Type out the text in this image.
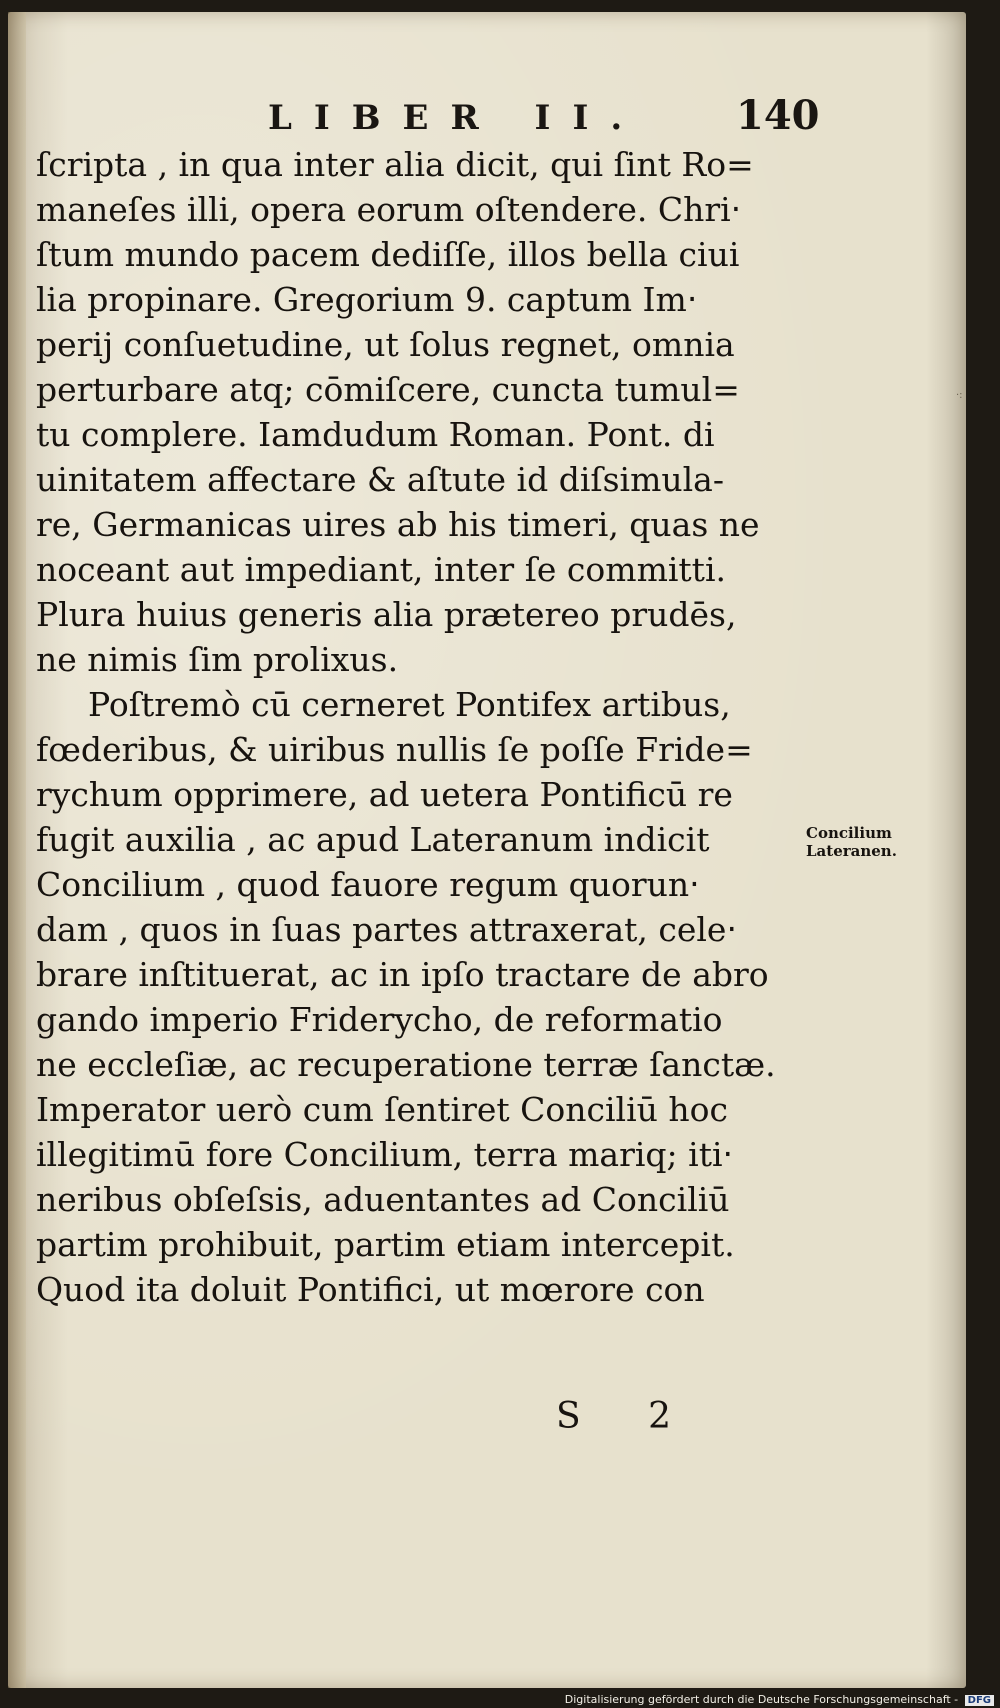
LIBER II. 140
ſcripta , in qua inter alia dicit, qui ſint Ro=
maneſes illi, opera eorum oſtendere. Chri‧
ſtum mundo pacem dediſſe, illos bella ciui
lia propinare. Gregorium 9. captum Im‧
perij conſuetudine, ut ſolus regnet, omnia
perturbare atq; cōmiſcere, cuncta tumul=
tu complere. Iamdudum Roman. Pont. di
uinitatem affectare & aſtute id diſsimula-
re, Germanicas uires ab his timeri, quas ne
noceant aut impediant, inter ſe committi.
Plura huius generis alia prætereo prudēs,
ne nimis ſim prolixus.
Poſtremò cū cerneret Pontifex artibus,
fœderibus, & uiribus nullis ſe poſſe Fride=
rychum opprimere, ad uetera Pontificū re
fugit auxilia , ac apud Lateranum indicit
Concilium , quod fauore regum quorun‧
dam , quos in ſuas partes attraxerat, cele‧
brare inſtituerat, ac in ipſo tractare de abro
gando imperio Friderycho, de reformatio
ne eccleſiæ, ac recuperatione terræ ſanctæ.
Imperator uerò cum ſentiret Conciliū hoc
illegitimū fore Concilium, terra mariq; iti‧
neribus obſeſsis, aduentantes ad Conciliū
partim prohibuit, partim etiam intercepit.
Quod ita doluit Pontifici, ut mœrore con
Concilium
Lateranen.
S 2
·:
Digitalisierung gefördert durch die Deutsche Forschungsgemeinschaft - DFG
